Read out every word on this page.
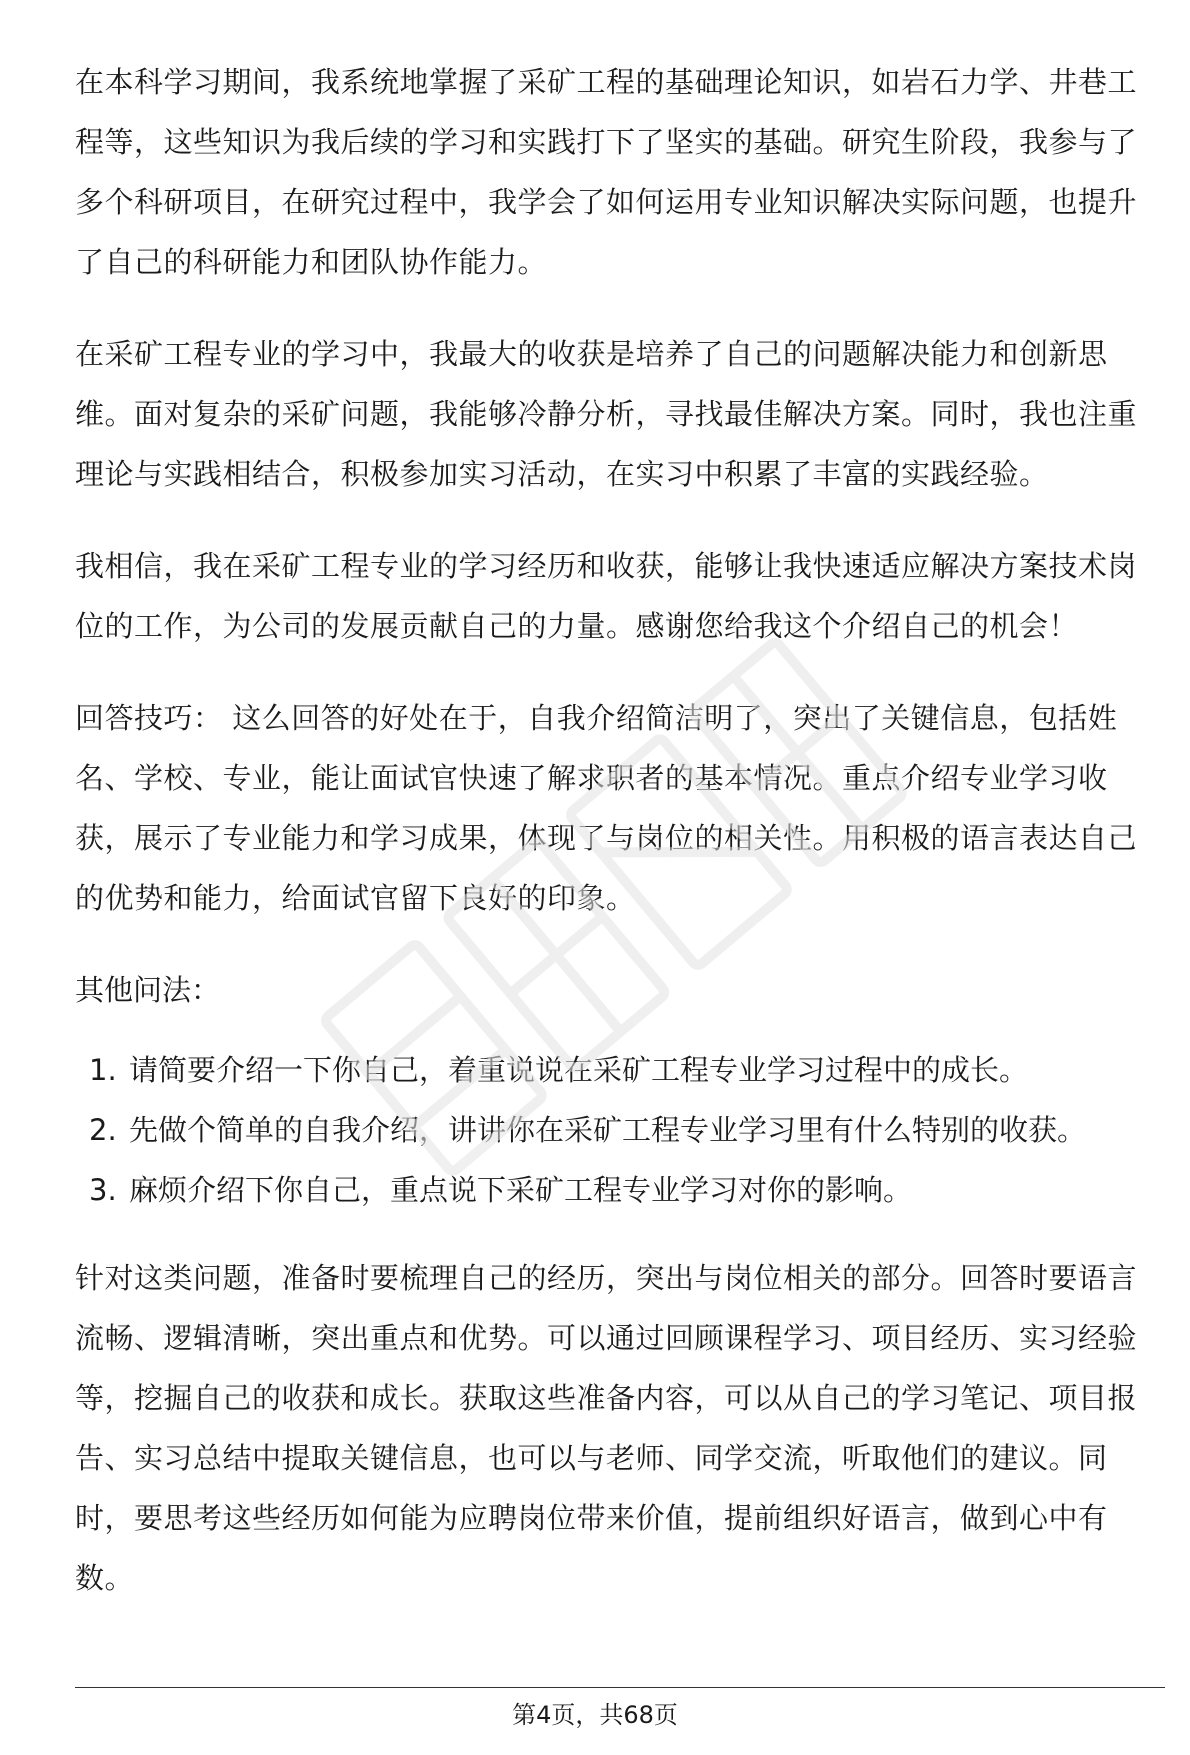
在本科学习期间，我系统地掌握了采矿工程的基础理论知识，如岩石力学、井巷工程等，这些知识为我后续的学习和实践打下了坚实的基础。研究生阶段，我参与了多个科研项目，在研究过程中，我学会了如何运用专业知识解决实际问题，也提升了自己的科研能力和团队协作能力。

在采矿工程专业的学习中，我最大的收获是培养了自己的问题解决能力和创新思维。面对复杂的采矿问题，我能够冷静分析，寻找最佳解决方案。同时，我也注重理论与实践相结合，积极参加实习活动，在实习中积累了丰富的实践经验。

我相信，我在采矿工程专业的学习经历和收获，能够让我快速适应解决方案技术岗位的工作，为公司的发展贡献自己的力量。感谢您给我这个介绍自己的机会！

回答技巧： 这么回答的好处在于，自我介绍简洁明了，突出了关键信息，包括姓名、学校、专业，能让面试官快速了解求职者的基本情况。重点介绍专业学习收获，展示了专业能力和学习成果，体现了与岗位的相关性。用积极的语言表达自己的优势和能力，给面试官留下良好的印象。

其他问法：

1. 请简要介绍一下你自己，着重说说在采矿工程专业学习过程中的成长。
2. 先做个简单的自我介绍，讲讲你在采矿工程专业学习里有什么特别的收获。
3. 麻烦介绍下你自己，重点说下采矿工程专业学习对你的影响。

针对这类问题，准备时要梳理自己的经历，突出与岗位相关的部分。回答时要语言流畅、逻辑清晰，突出重点和优势。可以通过回顾课程学习、项目经历、实习经验等，挖掘自己的收获和成长。获取这些准备内容，可以从自己的学习笔记、项目报告、实习总结中提取关键信息，也可以与老师、同学交流，听取他们的建议。同时，要思考这些经历如何能为应聘岗位带来价值，提前组织好语言，做到心中有数。

第4页，共68页
